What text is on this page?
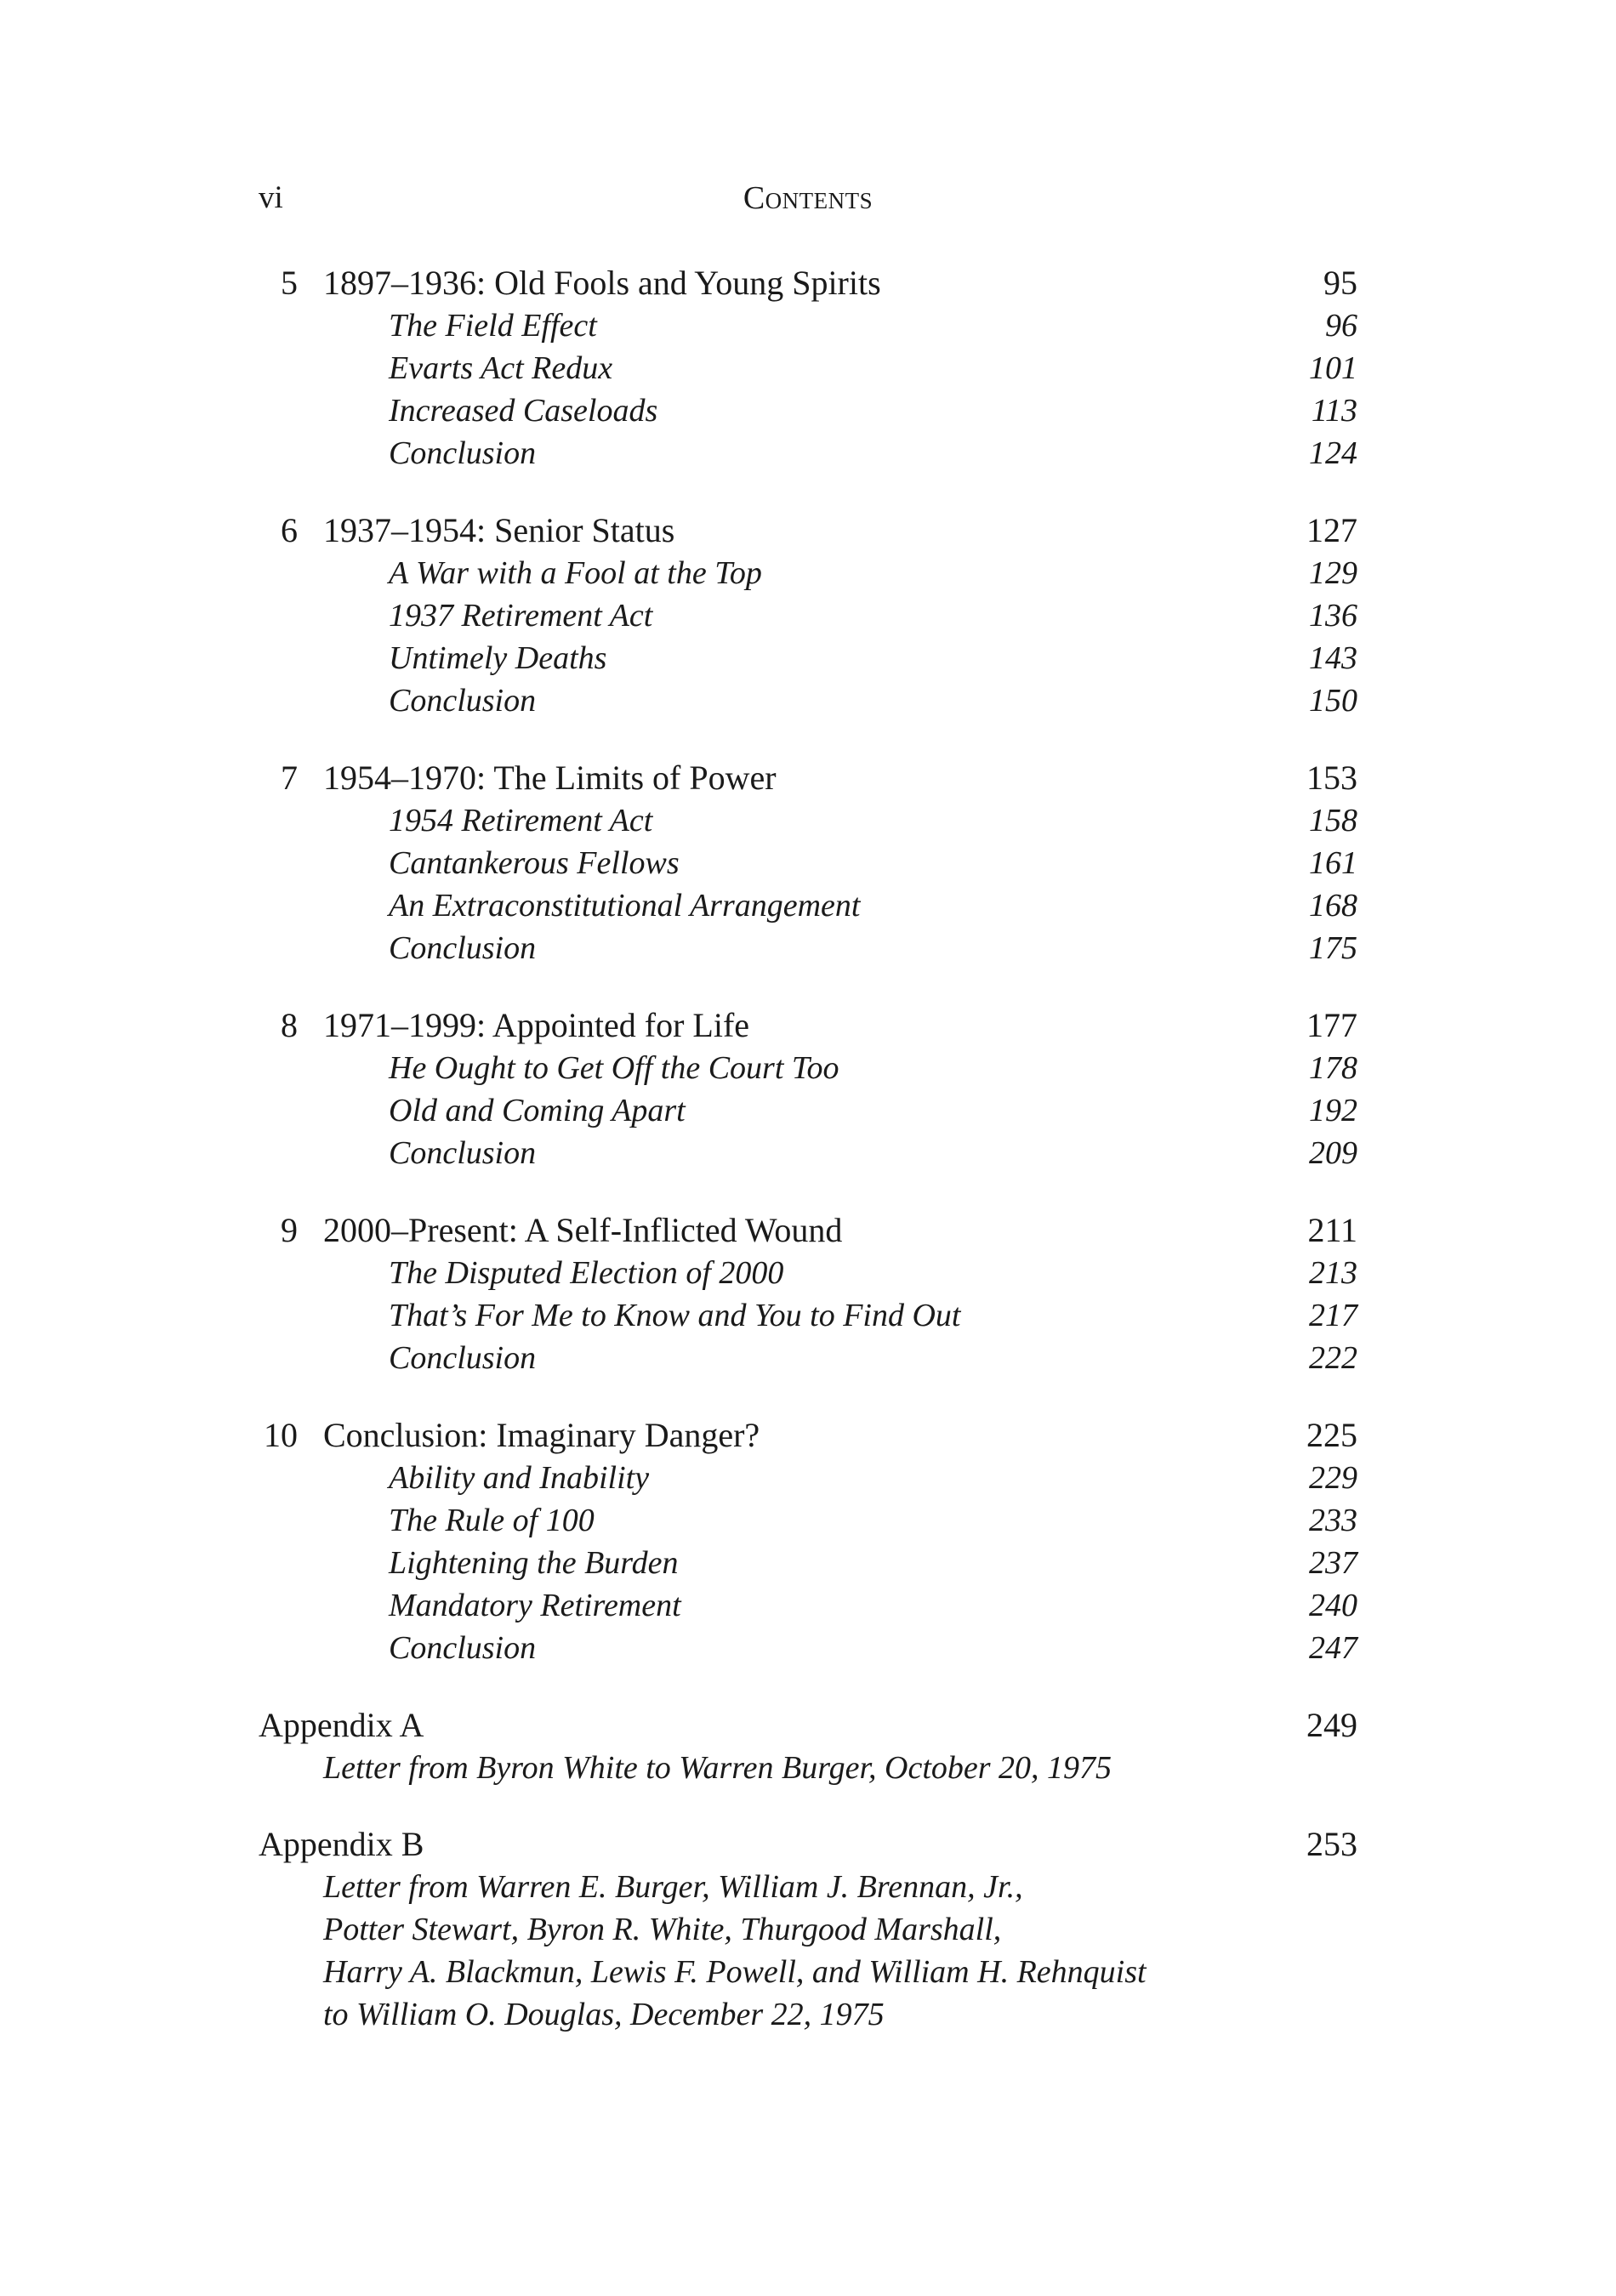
vi	Contents
5 1897–1936: Old Fools and Young Spirits	95
The Field Effect	96
Evarts Act Redux	101
Increased Caseloads	113
Conclusion	124
6 1937–1954: Senior Status	127
A War with a Fool at the Top	129
1937 Retirement Act	136
Untimely Deaths	143
Conclusion	150
7 1954–1970: The Limits of Power	153
1954 Retirement Act	158
Cantankerous Fellows	161
An Extraconstitutional Arrangement	168
Conclusion	175
8 1971–1999: Appointed for Life	177
He Ought to Get Off the Court Too	178
Old and Coming Apart	192
Conclusion	209
9 2000–Present: A Self-Inflicted Wound	211
The Disputed Election of 2000	213
That’s For Me to Know and You to Find Out	217
Conclusion	222
10 Conclusion: Imaginary Danger?	225
Ability and Inability	229
The Rule of 100	233
Lightening the Burden	237
Mandatory Retirement	240
Conclusion	247
Appendix A	249
Letter from Byron White to Warren Burger, October 20, 1975
Appendix B	253
Letter from Warren E. Burger, William J. Brennan, Jr.,
Potter Stewart, Byron R. White, Thurgood Marshall,
Harry A. Blackmun, Lewis F. Powell, and William H. Rehnquist
to William O. Douglas, December 22, 1975
